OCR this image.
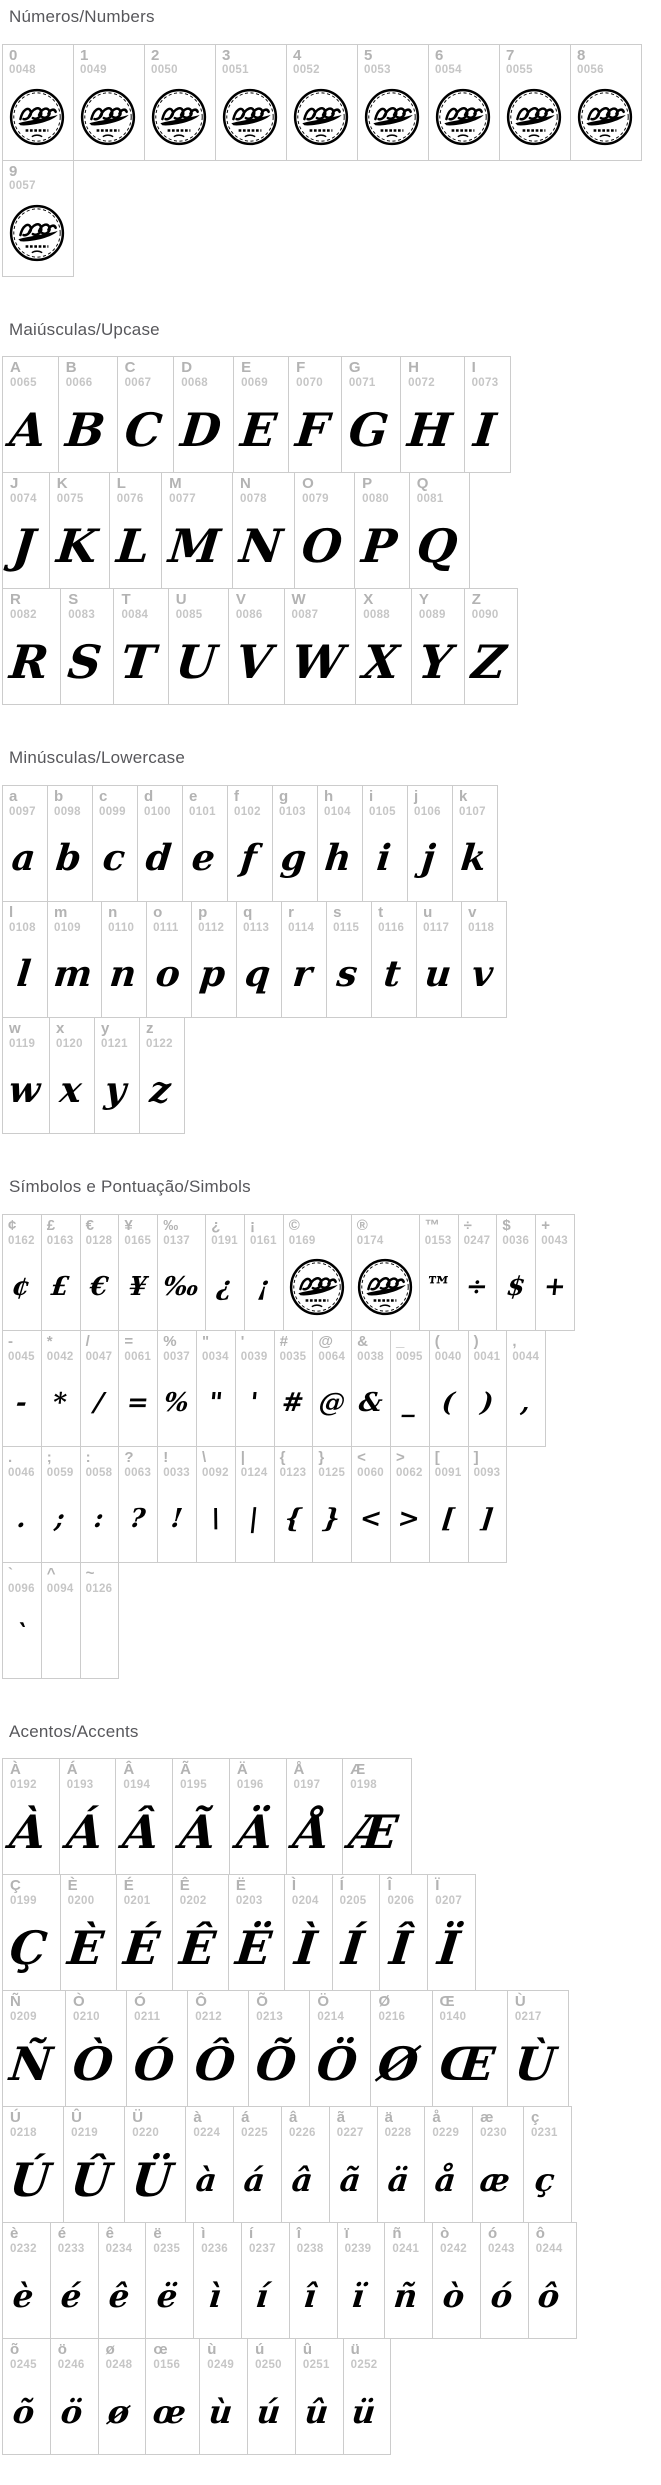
Números/Numbers
0
0048
1
0049
2
0050
3
0051
4
0052
5
0053
6
0054
7
0055
8
0056
9
0057
Maiúsculas/Upcase
A
0065
A
B
0066
B
C
0067
C
D
0068
D
E
0069
E
F
0070
F
G
0071
G
H
0072
H
I
0073
I
J
0074
J
K
0075
K
L
0076
L
M
0077
M
N
0078
N
O
0079
O
P
0080
P
Q
0081
Q
R
0082
R
S
0083
S
T
0084
T
U
0085
U
V
0086
V
W
0087
W
X
0088
X
Y
0089
Y
Z
0090
Z
Minúsculas/Lowercase
a
0097
a
b
0098
b
c
0099
c
d
0100
d
e
0101
e
f
0102
f
g
0103
g
h
0104
h
i
0105
i
j
0106
j
k
0107
k
l
0108
l
m
0109
m
n
0110
n
o
0111
o
p
0112
p
q
0113
q
r
0114
r
s
0115
s
t
0116
t
u
0117
u
v
0118
v
w
0119
w
x
0120
x
y
0121
y
z
0122
z
Símbolos e Pontuação/Simbols
¢
0162
¢
£
0163
£
€
0128
€
¥
0165
¥
‰
0137
‰
¿
0191
¿
¡
0161
¡
©
0169
®
0174
™
0153
™
÷
0247
÷
$
0036
$
+
0043
+
-
0045
-
*
0042
*
/
0047
/
=
0061
=
%
0037
%
"
0034
"
'
0039
'
#
0035
#
@
0064
@
&
0038
&
_
0095
_
(
0040
(
)
0041
)
,
0044
,
.
0046
.
;
0059
;
:
0058
:
?
0063
?
!
0033
!
\
0092
\
|
0124
|
{
0123
{
}
0125
}
<
0060
<
>
0062
>
[
0091
[
]
0093
]
`
0096
`
^
0094
~
0126
Acentos/Accents
À
0192
À
Á
0193
Á
Â
0194
Â
Ã
0195
Ã
Ä
0196
Ä
Å
0197
Å
Æ
0198
Æ
Ç
0199
Ç
È
0200
È
É
0201
É
Ê
0202
Ê
Ë
0203
Ë
Ì
0204
Ì
Í
0205
Í
Î
0206
Î
Ï
0207
Ï
Ñ
0209
Ñ
Ò
0210
Ò
Ó
0211
Ó
Ô
0212
Ô
Õ
0213
Õ
Ö
0214
Ö
Ø
0216
Ø
Œ
0140
Œ
Ù
0217
Ù
Ú
0218
Ú
Û
0219
Û
Ü
0220
Ü
à
0224
à
á
0225
á
â
0226
â
ã
0227
ã
ä
0228
ä
å
0229
å
æ
0230
æ
ç
0231
ç
è
0232
è
é
0233
é
ê
0234
ê
ë
0235
ë
ì
0236
ì
í
0237
í
î
0238
î
ï
0239
ï
ñ
0241
ñ
ò
0242
ò
ó
0243
ó
ô
0244
ô
õ
0245
õ
ö
0246
ö
ø
0248
ø
œ
0156
œ
ù
0249
ù
ú
0250
ú
û
0251
û
ü
0252
ü
